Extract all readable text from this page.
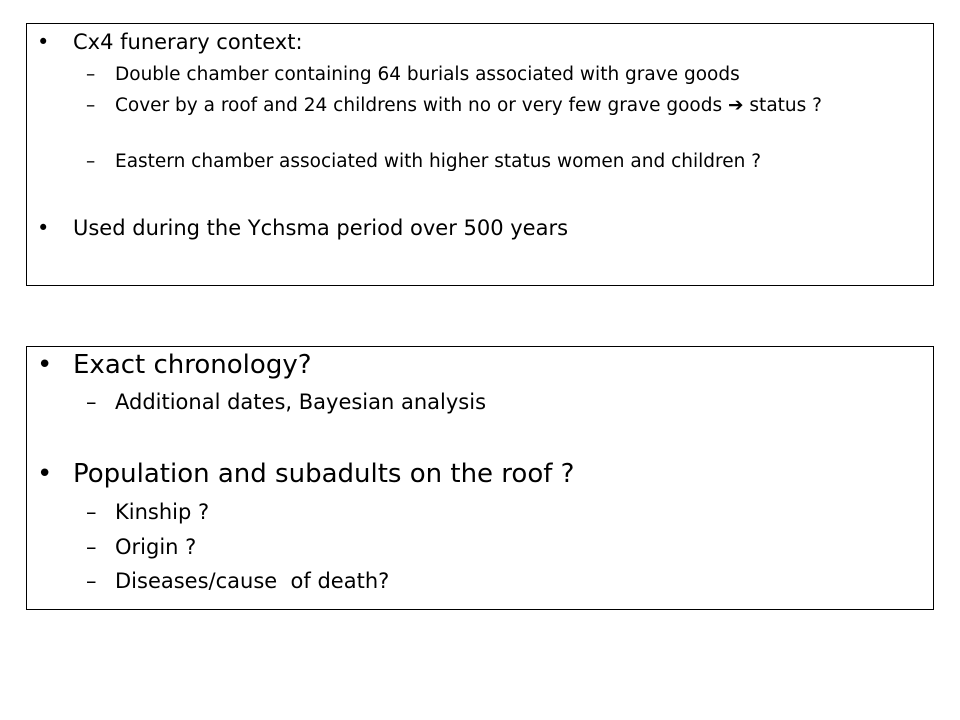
• Cx4 funerary context:
– Double chamber containing 64 burials associated with grave goods
– Cover by a roof and 24 childrens with no or very few grave goods ➔ status ?
– Eastern chamber associated with higher status women and children ?
• Used during the Ychsma period over 500 years
• Exact chronology?
– Additional dates, Bayesian analysis
• Population and subadults on the roof ?
– Kinship ?
– Origin ?
– Diseases/cause  of death?
